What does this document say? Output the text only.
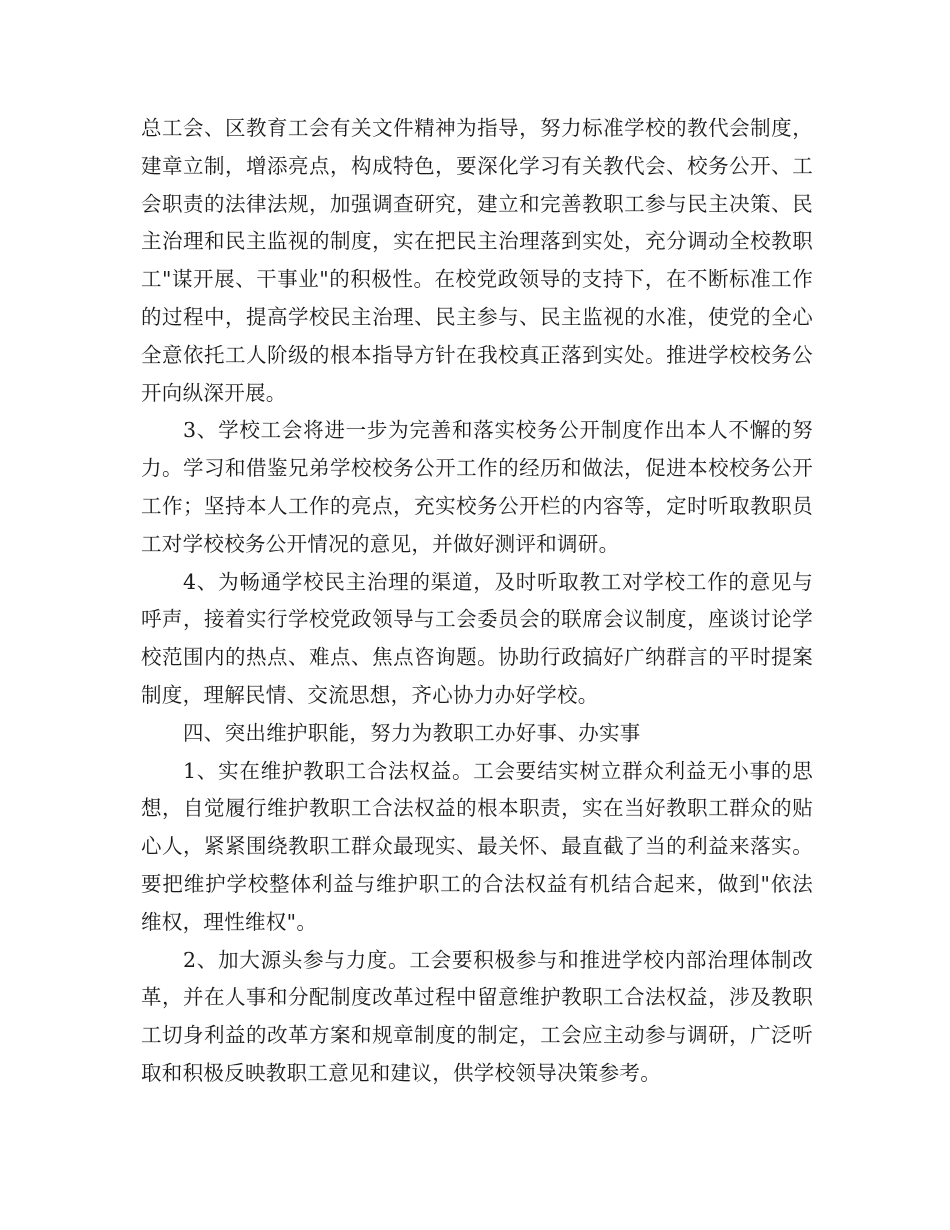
总工会、区教育工会有关文件精神为指导，努力标准学校的教代会制度，建章立制，增添亮点，构成特色，要深化学习有关教代会、校务公开、工会职责的法律法规，加强调查研究，建立和完善教职工参与民主决策、民主治理和民主监视的制度，实在把民主治理落到实处，充分调动全校教职工"谋开展、干事业"的积极性。在校党政领导的支持下，在不断标准工作的过程中，提高学校民主治理、民主参与、民主监视的水准，使党的全心全意依托工人阶级的根本指导方针在我校真正落到实处。推进学校校务公开向纵深开展。

3、学校工会将进一步为完善和落实校务公开制度作出本人不懈的努力。学习和借鉴兄弟学校校务公开工作的经历和做法，促进本校校务公开工作；坚持本人工作的亮点，充实校务公开栏的内容等，定时听取教职员工对学校校务公开情况的意见，并做好测评和调研。

4、为畅通学校民主治理的渠道，及时听取教工对学校工作的意见与呼声，接着实行学校党政领导与工会委员会的联席会议制度，座谈讨论学校范围内的热点、难点、焦点咨询题。协助行政搞好广纳群言的平时提案制度，理解民情、交流思想，齐心协力办好学校。

四、突出维护职能，努力为教职工办好事、办实事

1、实在维护教职工合法权益。工会要结实树立群众利益无小事的思想，自觉履行维护教职工合法权益的根本职责，实在当好教职工群众的贴心人，紧紧围绕教职工群众最现实、最关怀、最直截了当的利益来落实。要把维护学校整体利益与维护职工的合法权益有机结合起来，做到"依法维权，理性维权"。

2、加大源头参与力度。工会要积极参与和推进学校内部治理体制改革，并在人事和分配制度改革过程中留意维护教职工合法权益，涉及教职工切身利益的改革方案和规章制度的制定，工会应主动参与调研，广泛听取和积极反映教职工意见和建议，供学校领导决策参考。
